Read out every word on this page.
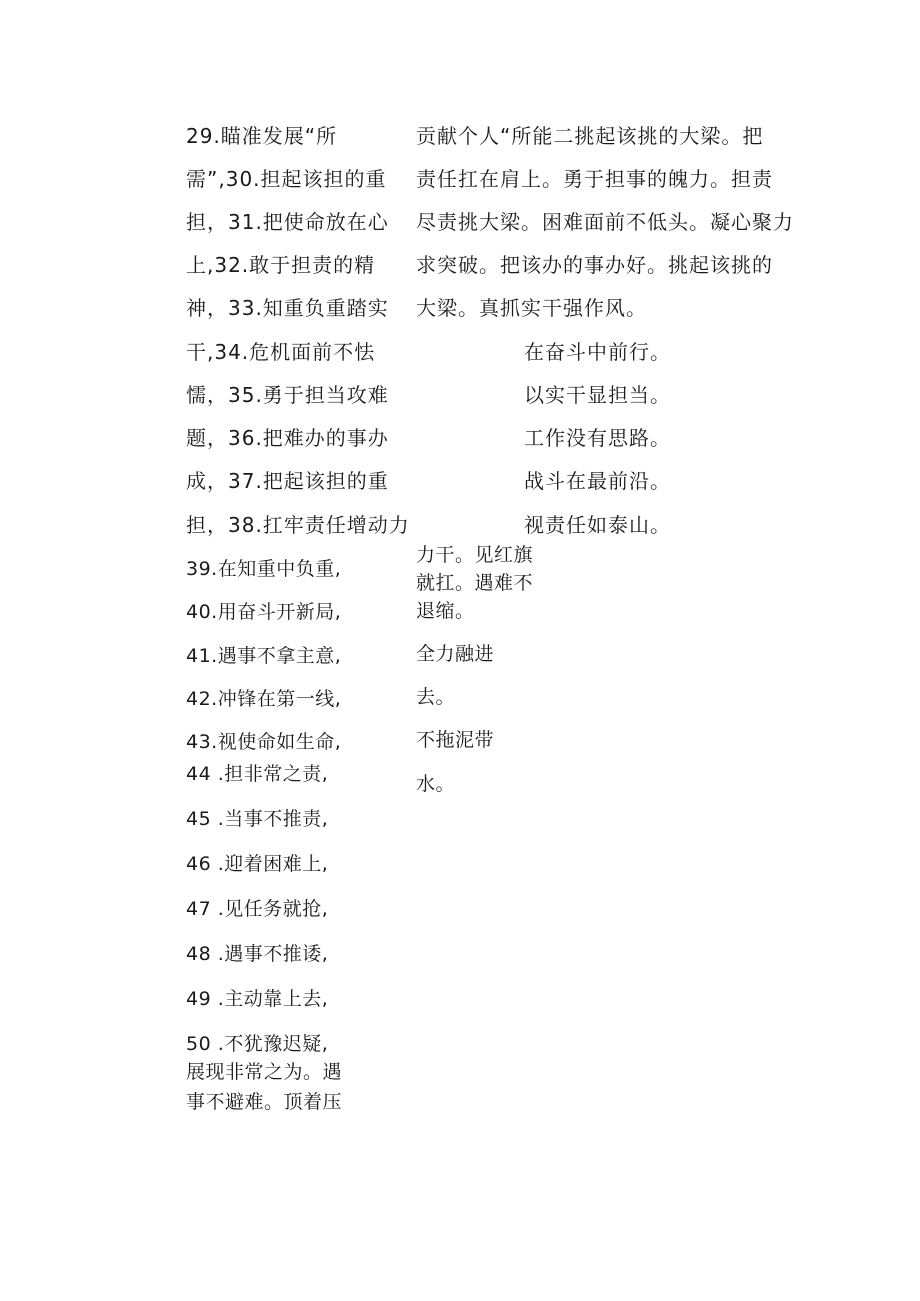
29.瞄准发展“所

需”,30.担起该担的重

担，31.把使命放在心

上,32.敢于担责的精

神，33.知重负重踏实

干,34.危机面前不怯

懦，35.勇于担当攻难

题，36.把难办的事办

成，37.把起该担的重

担，38.扛牢责任增动力

贡献个人“所能二挑起该挑的大梁。把

责任扛在肩上。勇于担事的魄力。担责

尽责挑大梁。困难面前不低头。凝心聚力

求突破。把该办的事办好。挑起该挑的

大梁。真抓实干强作风。

在奋斗中前行。

以实干显担当。

工作没有思路。

战斗在最前沿。

视责任如泰山。

39.在知重中负重,

40.用奋斗开新局,

41.遇事不拿主意,

42.冲锋在第一线,

43.视使命如生命,

44 .担非常之责,

45 .当事不推责,

46 .迎着困难上,

47 .见任务就抢,

48 .遇事不推诿,

49 .主动靠上去,

50 .不犹豫迟疑,

展现非常之为。遇

事不避难。顶着压

力干。见红旗

就扛。遇难不

退缩。

全力融进

去。

不拖泥带

水。
